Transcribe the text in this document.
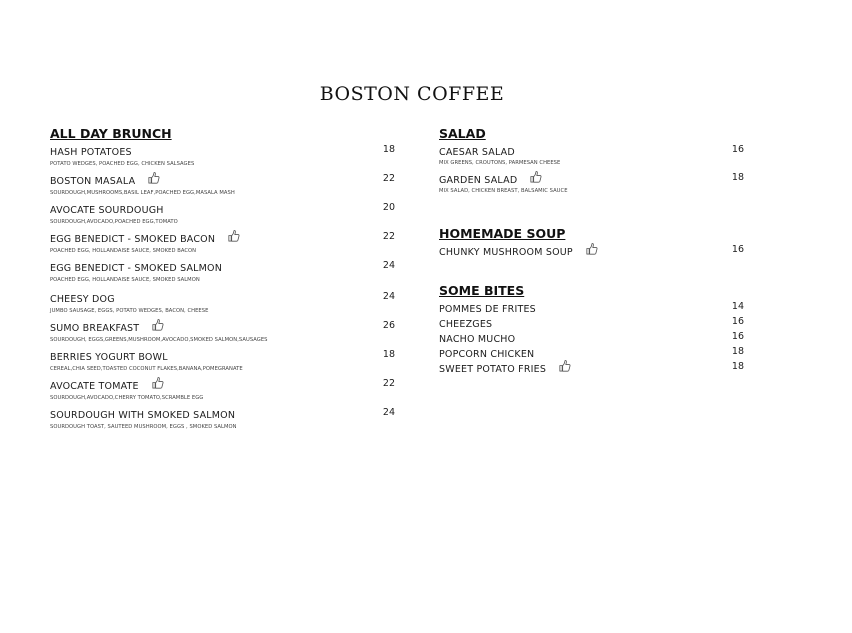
BOSTON COFFEE
ALL DAY BRUNCH
HASH POTATOES	18
POTATO WEDGES, POACHED EGG, CHICKEN SALSAGES
BOSTON MASALA	22
SOURDOUGH,MUSHROOMS,BASIL LEAF,POACHED EGG,MASALA MASH
AVOCATE SOURDOUGH	20
SOURDOUGH,AVOCADO,POACHED EGG,TOMATO
EGG BENEDICT - SMOKED BACON	22
POACHED EGG, HOLLANDAISE SAUCE, SMOKED BACON
EGG BENEDICT - SMOKED SALMON	24
POACHED EGG, HOLLANDAISE SAUCE, SMOKED SALMON
CHEESY DOG	24
JUMBO SAUSAGE, EGGS, POTATO WEDGES, BACON, CHEESE
SUMO BREAKFAST	26
SOURDOUGH, EGGS,GREENS,MUSHROOM,AVOCADO,SMOKED SALMON,SAUSAGES
BERRIES YOGURT BOWL	18
CEREAL,CHIA SEED,TOASTED COCONUT FLAKES,BANANA,POMEGRANATE
AVOCATE TOMATE	22
SOURDOUGH,AVOCADO,CHERRY TOMATO,SCRAMBLE EGG
SOURDOUGH WITH SMOKED SALMON	24
SOURDOUGH TOAST, SAUTEED MUSHROOM, EGGS , SMOKED SALMON
SALAD
CAESAR SALAD	16
MIX GREENS, CROUTONS, PARMESAN CHEESE
GARDEN SALAD	18
MIX SALAD, CHICKEN BREAST, BALSAMIC SAUCE
HOMEMADE SOUP
CHUNKY MUSHROOM SOUP	16
SOME BITES
POMMES DE FRITES	14
CHEEZGES	16
NACHO MUCHO	16
POPCORN CHICKEN	18
SWEET POTATO FRIES	18
